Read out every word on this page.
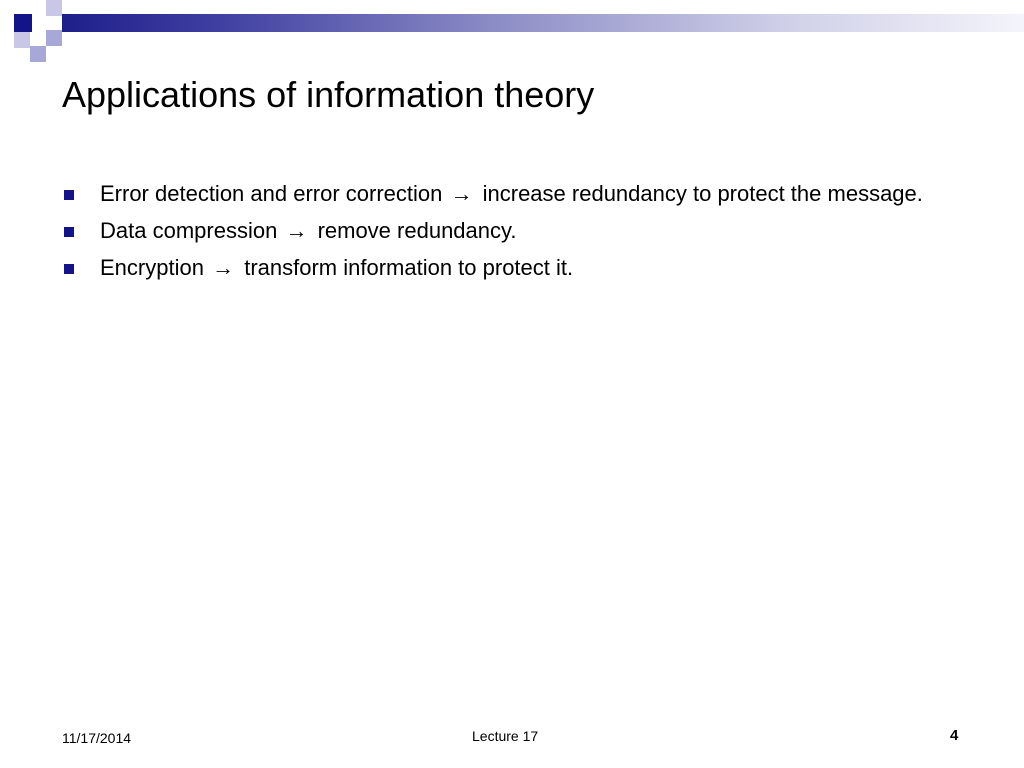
Applications of information theory
Error detection and error correction → increase redundancy to protect the message.
Data compression → remove redundancy.
Encryption → transform information to protect it.
11/17/2014	Lecture 17	4
